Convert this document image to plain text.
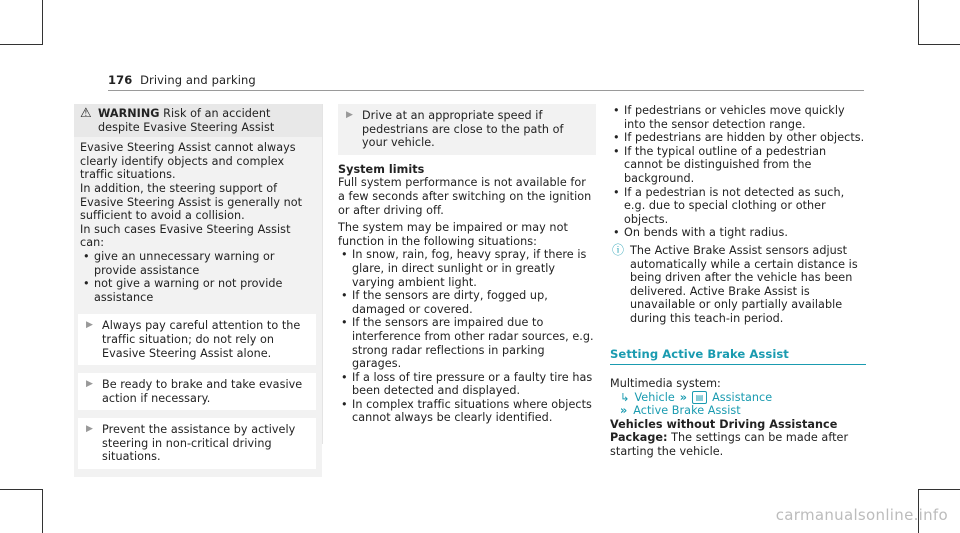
176 Driving and parking
⚠ WARNING Risk of an accident despite Evasive Steering Assist

Evasive Steering Assist cannot always clearly identify objects and complex traffic situations.

In addition, the steering support of Evasive Steering Assist is generally not sufficient to avoid a collision.

In such cases Evasive Steering Assist can:

• give an unnecessary warning or provide assistance
• not give a warning or not provide assistance
▶ Always pay careful attention to the traffic situation; do not rely on Evasive Steering Assist alone.
▶ Be ready to brake and take evasive action if necessary.
▶ Prevent the assistance by actively steering in non-critical driving situations.
▶ Drive at an appropriate speed if pedestrians are close to the path of your vehicle.
System limits
Full system performance is not available for a few seconds after switching on the ignition or after driving off.
The system may be impaired or may not function in the following situations:
• In snow, rain, fog, heavy spray, if there is glare, in direct sunlight or in greatly varying ambient light.
• If the sensors are dirty, fogged up, damaged or covered.
• If the sensors are impaired due to interference from other radar sources, e.g. strong radar reflections in parking garages.
• If a loss of tire pressure or a faulty tire has been detected and displayed.
• In complex traffic situations where objects cannot always be clearly identified.
• If pedestrians or vehicles move quickly into the sensor detection range.
• If pedestrians are hidden by other objects.
• If the typical outline of a pedestrian cannot be distinguished from the background.
• If a pedestrian is not detected as such, e.g. due to special clothing or other objects.
• On bends with a tight radius.
ⓘ The Active Brake Assist sensors adjust automatically while a certain distance is being driven after the vehicle has been delivered. Active Brake Assist is unavailable or only partially available during this teach-in period.
Setting Active Brake Assist
Multimedia system:
↳ Vehicle »	▤ Assistance
» Active Brake Assist
Vehicles without Driving Assistance Package: The settings can be made after starting the vehicle.
carmanualsonline.info
